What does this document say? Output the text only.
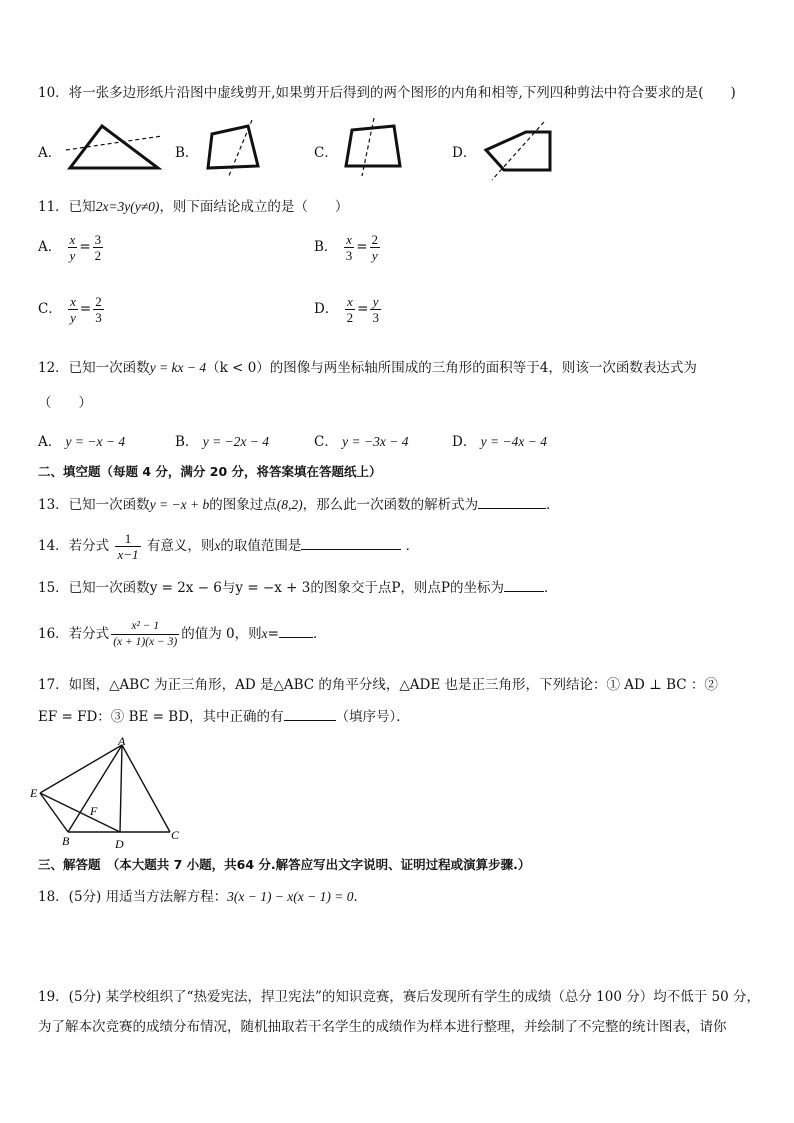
10．将一张多边形纸片沿图中虚线剪开,如果剪开后得到的两个图形的内角和相等,下列四种剪法中符合要求的是(　　)
A．	B．	C．	D．
11．已知2x=3y(y≠0)，则下面结论成立的是（　　）
A． $\frac{x}{y} = \frac{3}{2}$	B． $\frac{x}{3} = \frac{2}{y}$
C． $\frac{x}{y} = \frac{2}{3}$	D． $\frac{x}{2} = \frac{y}{3}$
12．已知一次函数y = kx − 4（k < 0）的图像与两坐标轴所围成的三角形的面积等于4，则该一次函数表达式为
（　　）
A． y = −x − 4	B． y = −2x − 4	C． y = −3x − 4	D． y = −4x − 4
二、填空题（每题 4 分，满分 20 分，将答案填在答题纸上）
13．已知一次函数y = −x + b的图象过点(8,2)，那么此一次函数的解析式为	．
14．若分式 $\frac{1}{x-1}$ 有意义，则x的取值范围是	．
15．已知一次函数y = 2x − 6与y = −x + 3的图象交于点P，则点P的坐标为	．
16．若分式 $\frac{\text{x² − 1}}{(x + 1)(x - 3)}$ 的值为 0，则x=	．
17．如图，△ABC 为正三角形，AD 是△ABC 的角平分线，△ADE 也是正三角形，下列结论：① AD ⊥ BC ：②
EF = FD：③ BE = BD，其中正确的有	（填序号）．
A
E
F
B	D
C
三、解答题　（本大题共 7 小题，共64 分.解答应写出文字说明、证明过程或演算步骤.）
18．(5分) 用适当方法解方程：3(x − 1) − x(x − 1) = 0．
19．(5分) 某学校组织了“热爱宪法，捍卫宪法”的知识竞赛，赛后发现所有学生的成绩（总分 100 分）均不低于 50 分，
为了解本次竞赛的成绩分布情况，随机抽取若干名学生的成绩作为样本进行整理，并绘制了不完整的统计图表，请你
